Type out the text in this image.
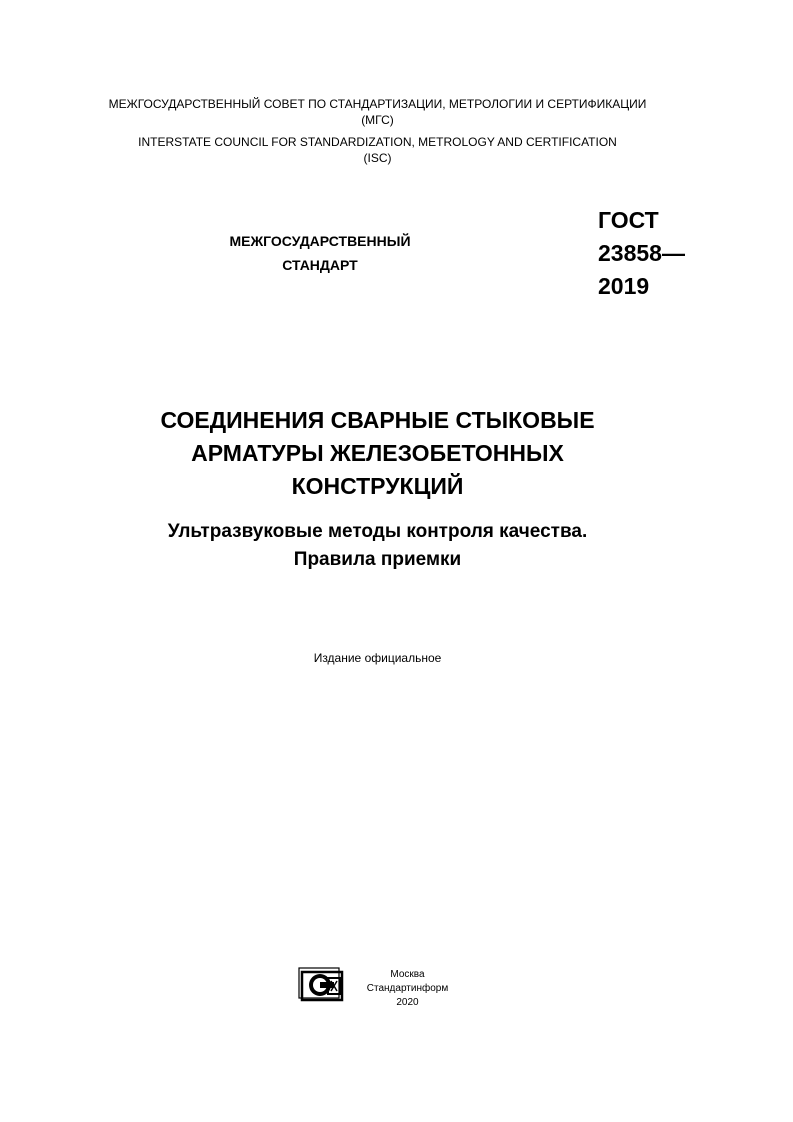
МЕЖГОСУДАРСТВЕННЫЙ СОВЕТ ПО СТАНДАРТИЗАЦИИ, МЕТРОЛОГИИ И СЕРТИФИКАЦИИ
(МГС)
INTERSTATE COUNCIL FOR STANDARDIZATION, METROLOGY AND CERTIFICATION
(ISC)
МЕЖГОСУДАРСТВЕННЫЙ
СТАНДАРТ
ГОСТ
23858—
2019
СОЕДИНЕНИЯ СВАРНЫЕ СТЫКОВЫЕ
АРМАТУРЫ ЖЕЛЕЗОБЕТОННЫХ
КОНСТРУКЦИЙ
Ультразвуковые методы контроля качества.
Правила приемки
Издание официальное
Москва
Стандартинформ
2020
